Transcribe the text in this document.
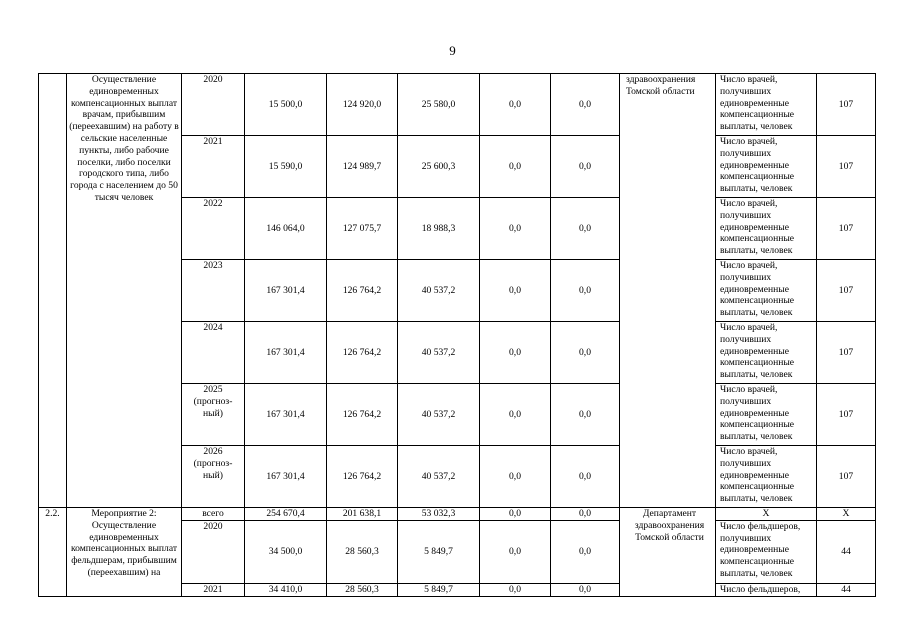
9
	Осуществление единовременных компенсационных выплат врачам, прибывшим (переехавшим) на работу в сельские населенные пункты, либо рабочие поселки, либо поселки городского типа, либо города с населением до 50 тысяч человек	2020	15 500,0	124 920,0	25 580,0	0,0	0,0	здравоохранения Томской области	Число врачей, получивших единовременные компенсационные выплаты, человек	107
		2021	15 590,0	124 989,7	25 600,3	0,0	0,0		Число врачей, получивших единовременные компенсационные выплаты, человек	107
		2022	146 064,0	127 075,7	18 988,3	0,0	0,0		Число врачей, получивших единовременные компенсационные выплаты, человек	107
		2023	167 301,4	126 764,2	40 537,2	0,0	0,0		Число врачей, получивших единовременные компенсационные выплаты, человек	107
		2024	167 301,4	126 764,2	40 537,2	0,0	0,0		Число врачей, получивших единовременные компенсационные выплаты, человек	107
		2025 (прогноз-ный)	167 301,4	126 764,2	40 537,2	0,0	0,0		Число врачей, получивших единовременные компенсационные выплаты, человек	107
		2026 (прогноз-ный)	167 301,4	126 764,2	40 537,2	0,0	0,0		Число врачей, получивших единовременные компенсационные выплаты, человек	107
2.2.	Мероприятие 2: Осуществление единовременных компенсационных выплат фельдшерам, прибывшим (переехавшим) на	всего	254 670,4	201 638,1	53 032,3	0,0	0,0	Департамент здравоохранения Томской области	X	X
		2020	34 500,0	28 560,3	5 849,7	0,0	0,0		Число фельдшеров, получивших единовременные компенсационные выплаты, человек	44
		2021	34 410,0	28 560,3	5 849,7	0,0	0,0		Число фельдшеров,	44
